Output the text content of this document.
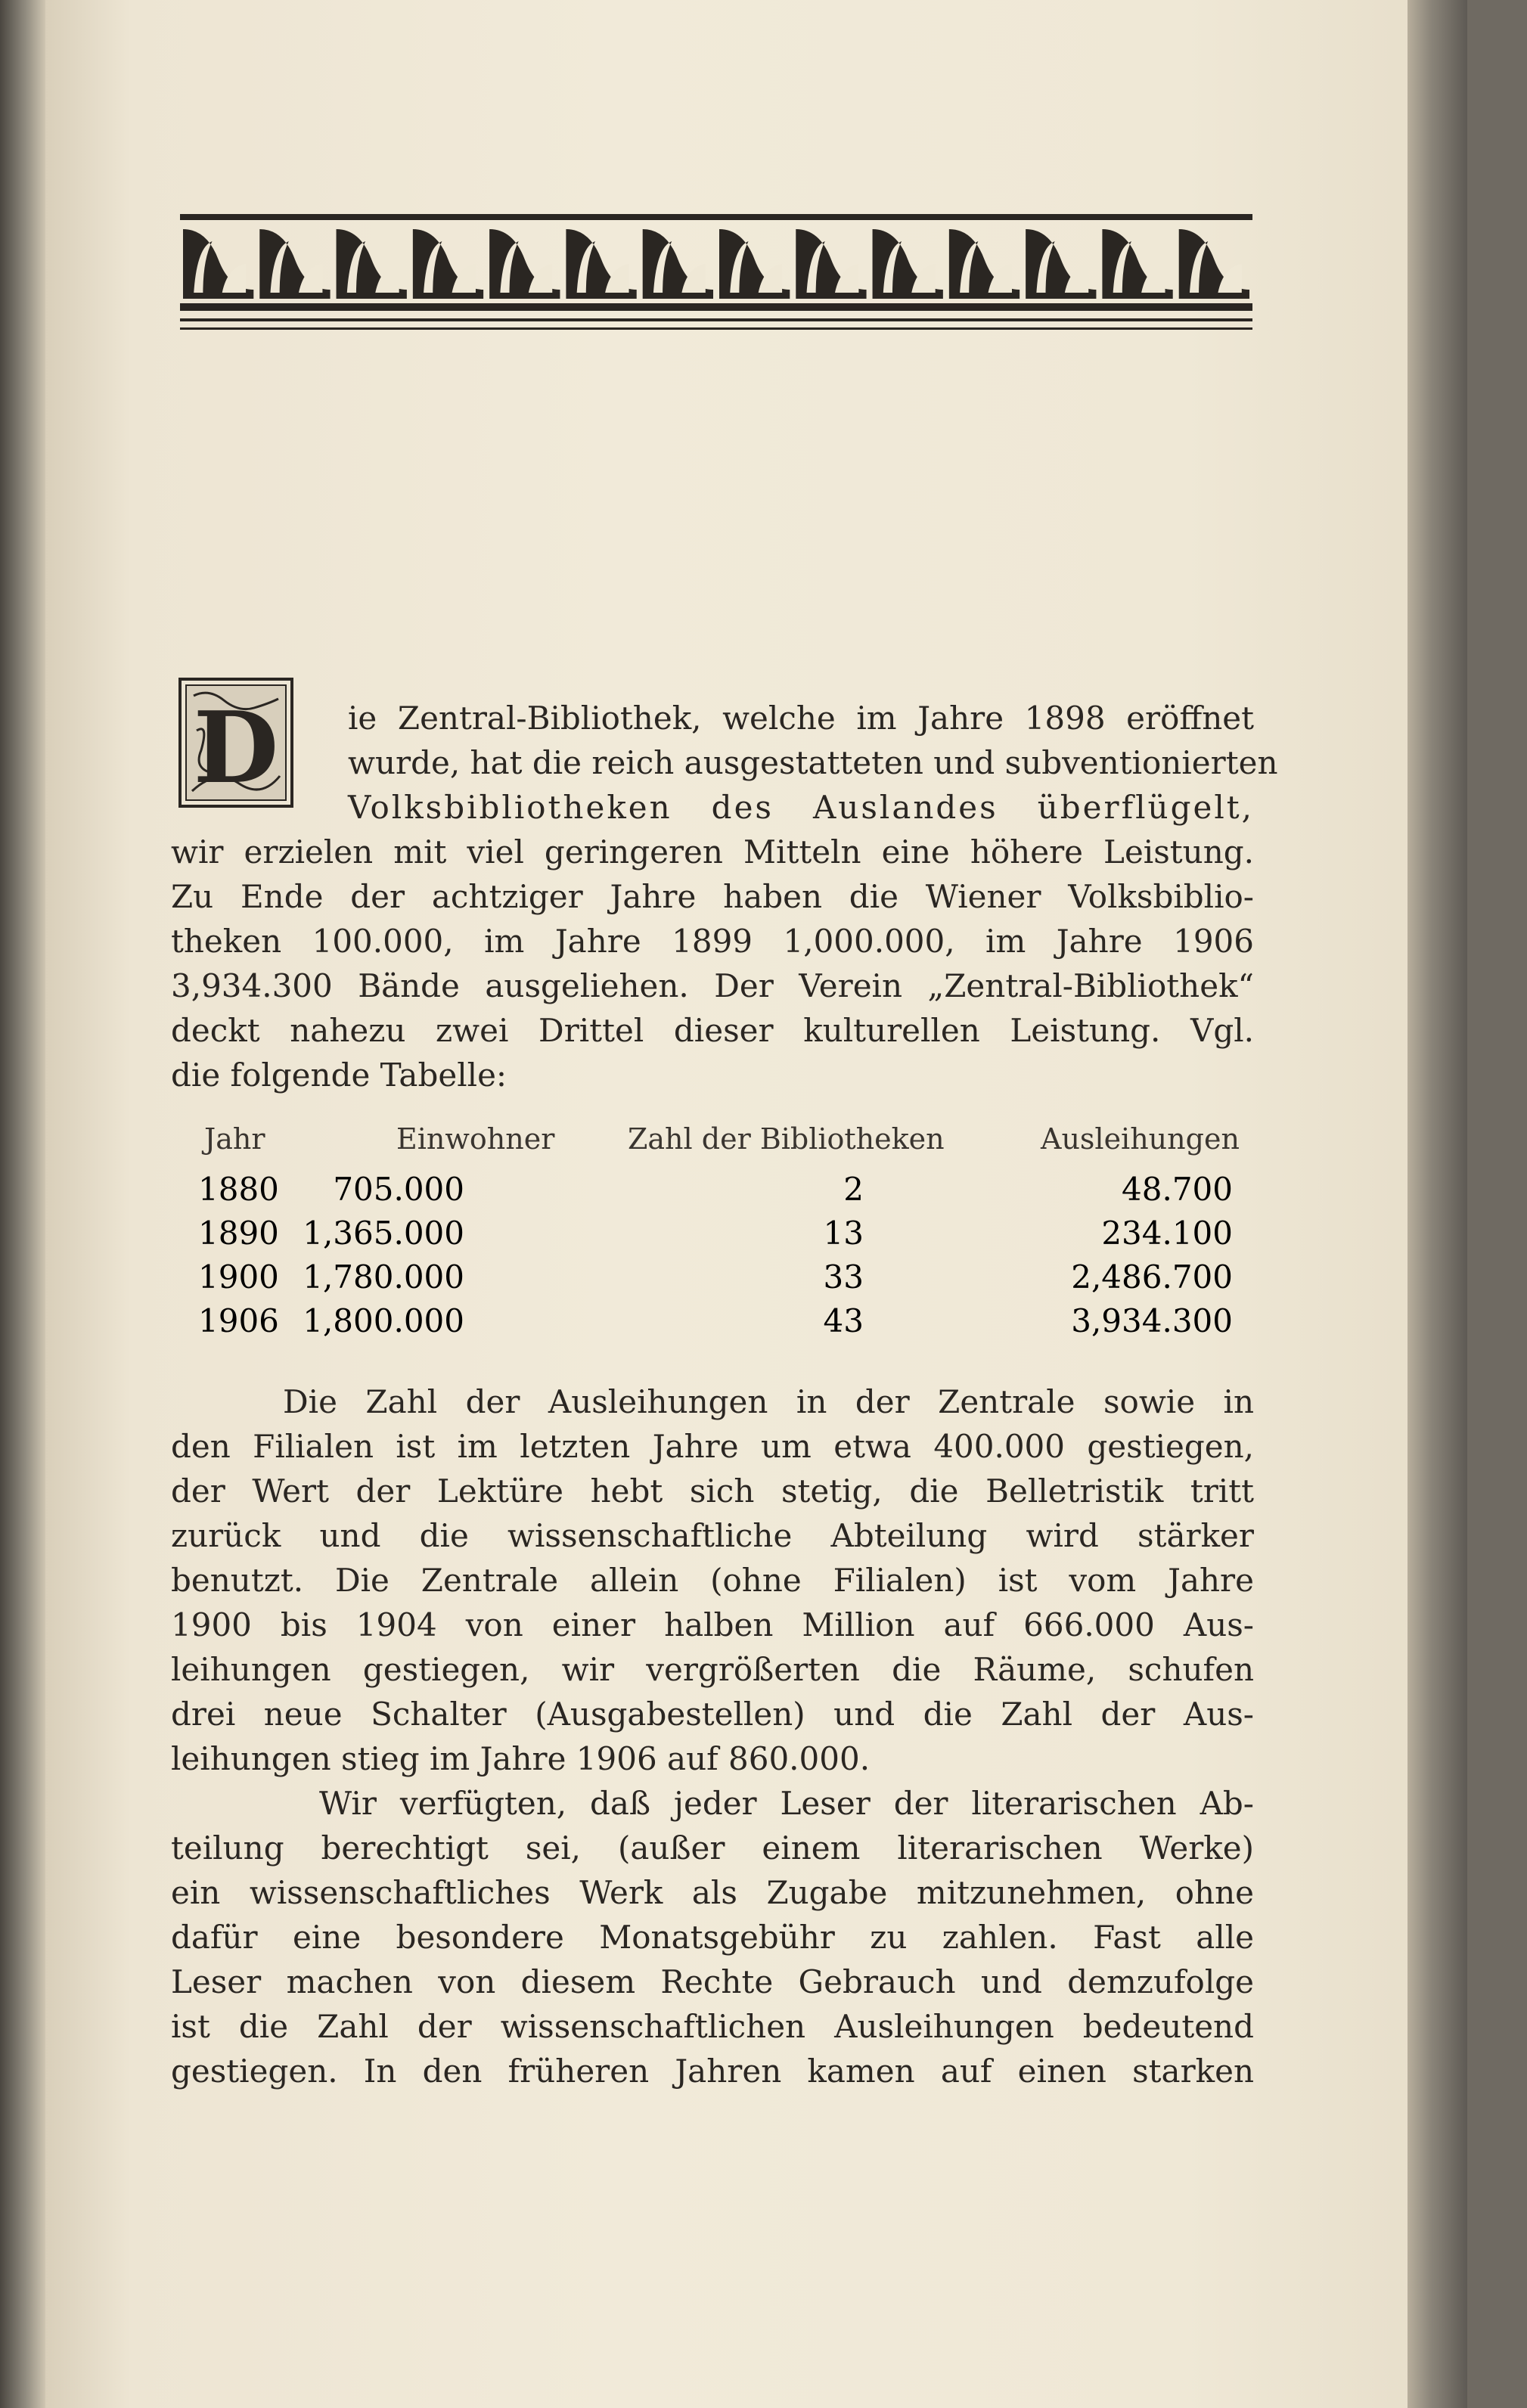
D ie Zentral-Bibliothek, welche im Jahre 1898 eröffnet
wurde, hat die reich ausgestatteten und subventionierten
Volksbibliotheken des Auslandes überflügelt,
wir erzielen mit viel geringeren Mitteln eine höhere Leistung.
Zu Ende der achtziger Jahre haben die Wiener Volksbiblio-
theken 100.000, im Jahre 1899 1,000.000, im Jahre 1906
3,934.300 Bände ausgeliehen. Der Verein „Zentral-Bibliothek“
deckt nahezu zwei Drittel dieser kulturellen Leistung. Vgl.
die folgende Tabelle:
Jahr	Einwohner	Zahl der Bibliotheken	Ausleihungen
1880 705.000	2	48.700
1890 1,365.000	13	234.100
1900 1,780.000	33	2,486.700
1906 1,800.000	43	3,934.300
Die Zahl der Ausleihungen in der Zentrale sowie in
den Filialen ist im letzten Jahre um etwa 400.000 gestiegen,
der Wert der Lektüre hebt sich stetig, die Belletristik tritt
zurück und die wissenschaftliche Abteilung wird stärker
benutzt. Die Zentrale allein (ohne Filialen) ist vom Jahre
1900 bis 1904 von einer halben Million auf 666.000 Aus-
leihungen gestiegen, wir vergrößerten die Räume, schufen
drei neue Schalter (Ausgabestellen) und die Zahl der Aus-
leihungen stieg im Jahre 1906 auf 860.000.
Wir verfügten, daß jeder Leser der literarischen Ab-
teilung berechtigt sei, (außer einem literarischen Werke)
ein wissenschaftliches Werk als Zugabe mitzunehmen, ohne
dafür eine besondere Monatsgebühr zu zahlen. Fast alle
Leser machen von diesem Rechte Gebrauch und demzufolge
ist die Zahl der wissenschaftlichen Ausleihungen bedeutend
gestiegen. In den früheren Jahren kamen auf einen starken
